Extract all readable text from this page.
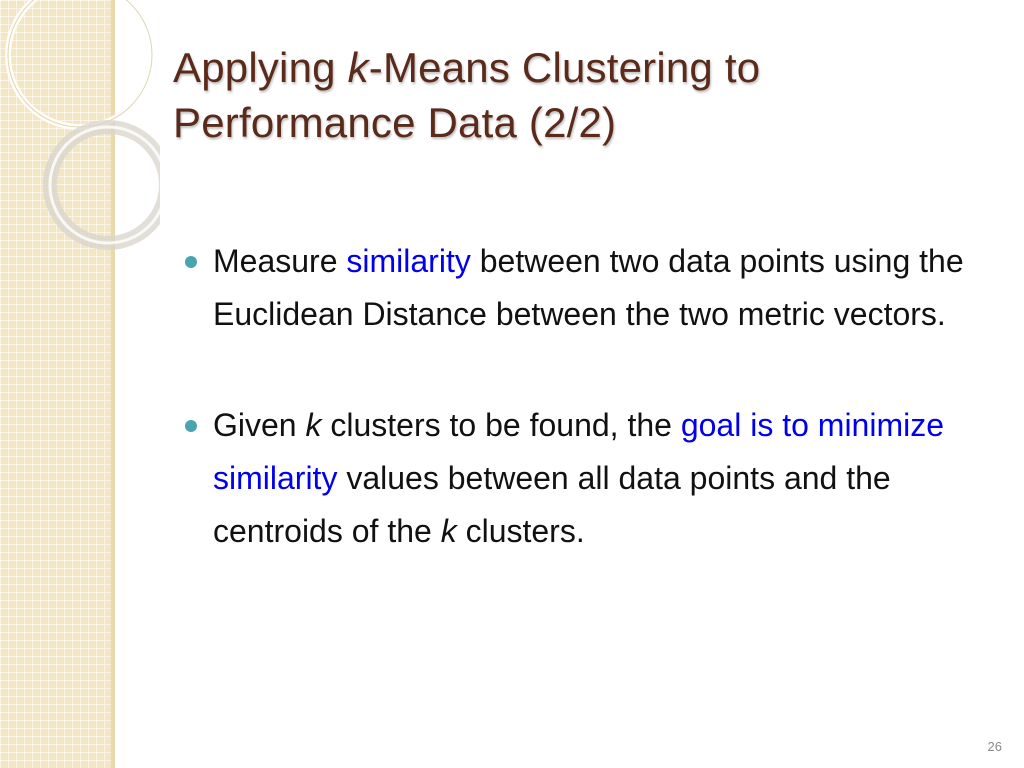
Applying k-Means Clustering to
Performance Data (2/2)
Measure similarity between two data points using the Euclidean Distance between the two metric vectors.
Given k clusters to be found, the goal is to minimize similarity values between all data points and the centroids of the k clusters.
26
